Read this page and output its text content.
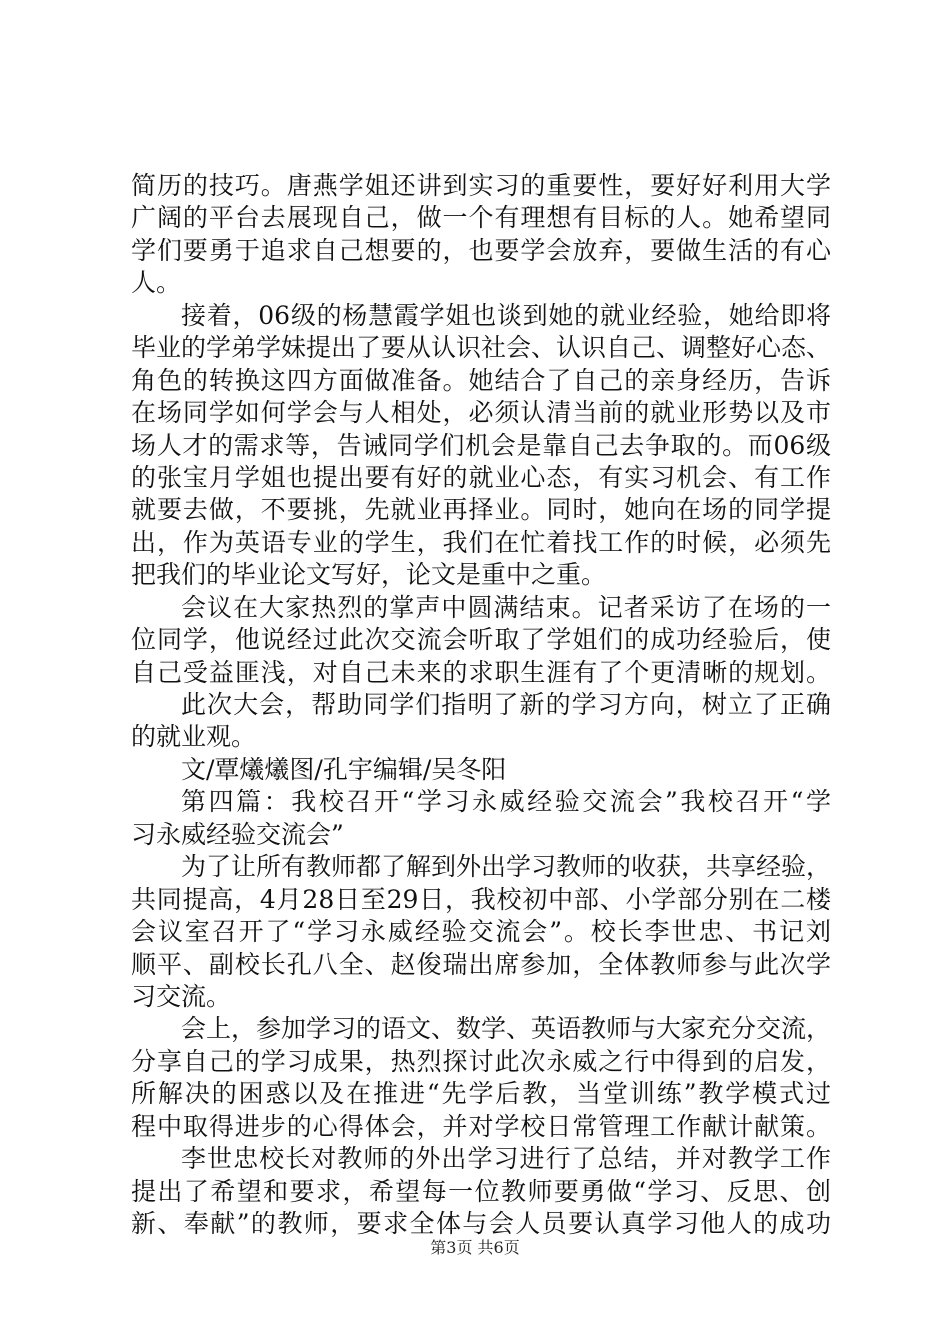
简历的技巧。唐燕学姐还讲到实习的重要性，要好好利用大学
广阔的平台去展现自己，做一个有理想有目标的人。她希望同
学们要勇于追求自己想要的，也要学会放弃，要做生活的有心
人。
接着，06级的杨慧霞学姐也谈到她的就业经验，她给即将
毕业的学弟学妹提出了要从认识社会、认识自己、调整好心态、
角色的转换这四方面做准备。她结合了自己的亲身经历，告诉
在场同学如何学会与人相处，必须认清当前的就业形势以及市
场人才的需求等，告诫同学们机会是靠自己去争取的。而06级
的张宝月学姐也提出要有好的就业心态，有实习机会、有工作
就要去做，不要挑，先就业再择业。同时，她向在场的同学提
出，作为英语专业的学生，我们在忙着找工作的时候，必须先
把我们的毕业论文写好，论文是重中之重。
会议在大家热烈的掌声中圆满结束。记者采访了在场的一
位同学，他说经过此次交流会听取了学姐们的成功经验后，使
自己受益匪浅，对自己未来的求职生涯有了个更清晰的规划。
此次大会，帮助同学们指明了新的学习方向，树立了正确
的就业观。
文/覃爔爔图/孔宇编辑/吴冬阳
第四篇：我校召开“学习永威经验交流会”我校召开“学
习永威经验交流会”
为了让所有教师都了解到外出学习教师的收获，共享经验，
共同提高，4月28日至29日，我校初中部、小学部分别在二楼
会议室召开了“学习永威经验交流会”。校长李世忠、书记刘
顺平、副校长孔八全、赵俊瑞出席参加，全体教师参与此次学
习交流。
会上，参加学习的语文、数学、英语教师与大家充分交流，
分享自己的学习成果，热烈探讨此次永威之行中得到的启发，
所解决的困惑以及在推进“先学后教，当堂训练”教学模式过
程中取得进步的心得体会，并对学校日常管理工作献计献策。
李世忠校长对教师的外出学习进行了总结，并对教学工作
提出了希望和要求，希望每一位教师要勇做“学习、反思、创
新、奉献”的教师，要求全体与会人员要认真学习他人的成功
第3页 共6页
